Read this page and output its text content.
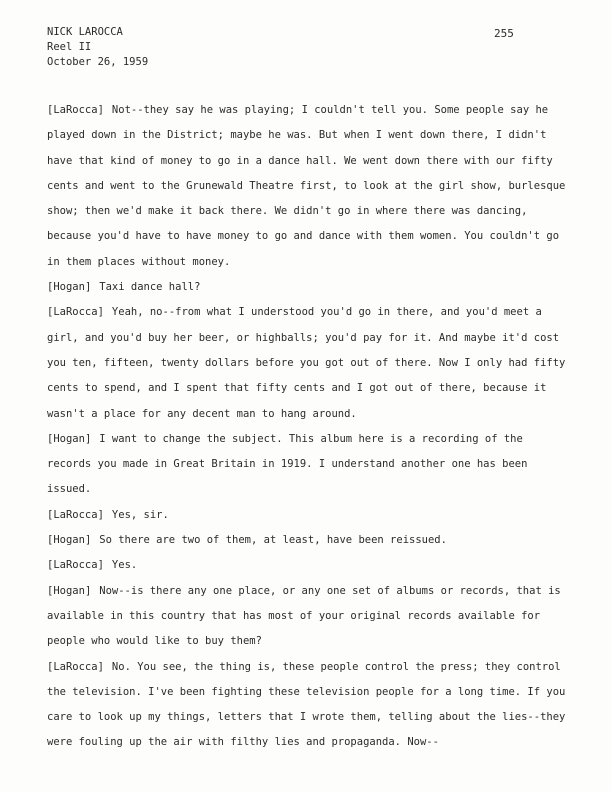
NICK LAROCCA
Reel II
October 26, 1959
255
[ LaRocca ] Not--they say he was playing; I couldn't tell you. Some people say he played down in the District; maybe he was. But when I went down there, I didn't have that kind of money to go in a dance hall. We went down there with our fifty cents and went to the Grunewald Theatre first, to look at the girl show, burlesque show; then we'd make it back there. We didn't go in where there was dancing, because you'd have to have money to go and dance with them women. You couldn't go in them places without money.
[ Hogan ] Taxi dance hall?
[ LaRocca ] Yeah, no--from what I understood you'd go in there, and you'd meet a girl, and you'd buy her beer, or highballs; you'd pay for it. And maybe it'd cost you ten, fifteen, twenty dollars before you got out of there. Now I only had fifty cents to spend, and I spent that fifty cents and I got out of there, because it wasn't a place for any decent man to hang around.
[ Hogan ] I want to change the subject. This album here is a recording of the records you made in Great Britain in 1919. I understand another one has been issued.
[ LaRocca ] Yes, sir.
[ Hogan ] So there are two of them, at least, have been reissued.
[ LaRocca ] Yes.
[ Hogan ] Now--is there any one place, or any one set of albums or records, that is available in this country that has most of your original records available for people who would like to buy them?
[ LaRocca ] No. You see, the thing is, these people control the press; they control the television. I've been fighting these television people for a long time. If you care to look up my things, letters that I wrote them, telling about the lies--they were fouling up the air with filthy lies and propaganda. Now--
